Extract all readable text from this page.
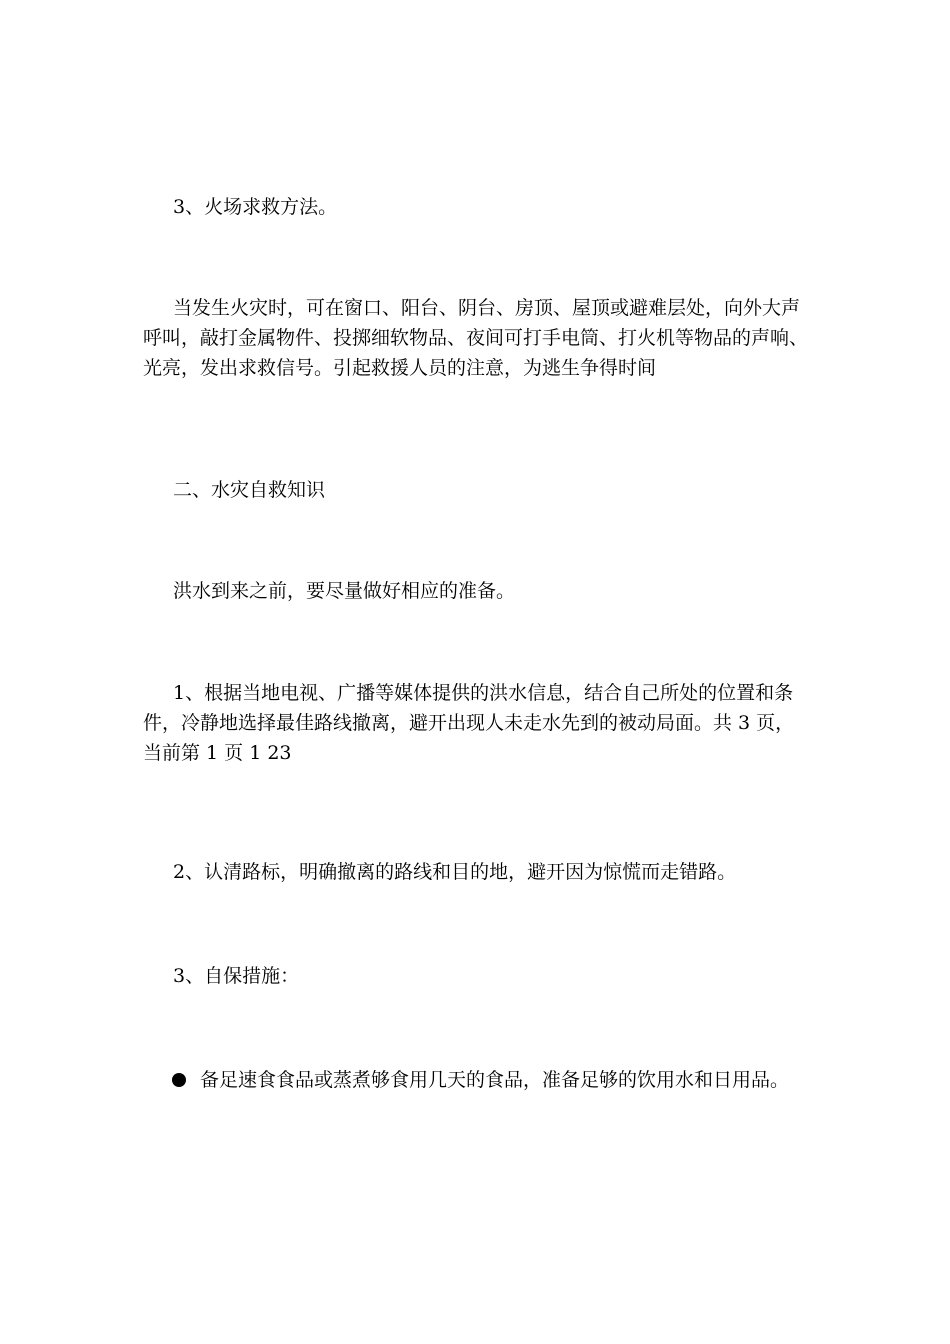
3、火场求救方法。

当发生火灾时，可在窗口、阳台、阴台、房顶、屋顶或避难层处，向外大声
呼叫，敲打金属物件、投掷细软物品、夜间可打手电筒、打火机等物品的声响、
光亮，发出求救信号。引起救援人员的注意，为逃生争得时间

二、水灾自救知识

洪水到来之前，要尽量做好相应的准备。

1、根据当地电视、广播等媒体提供的洪水信息，结合自己所处的位置和条
件，冷静地选择最佳路线撤离，避开出现人未走水先到的被动局面。共 3 页，
当前第 1 页 1 23

2、认清路标，明确撤离的路线和目的地，避开因为惊慌而走错路。

3、自保措施：

备足速食食品或蒸煮够食用几天的食品，准备足够的饮用水和日用品。
